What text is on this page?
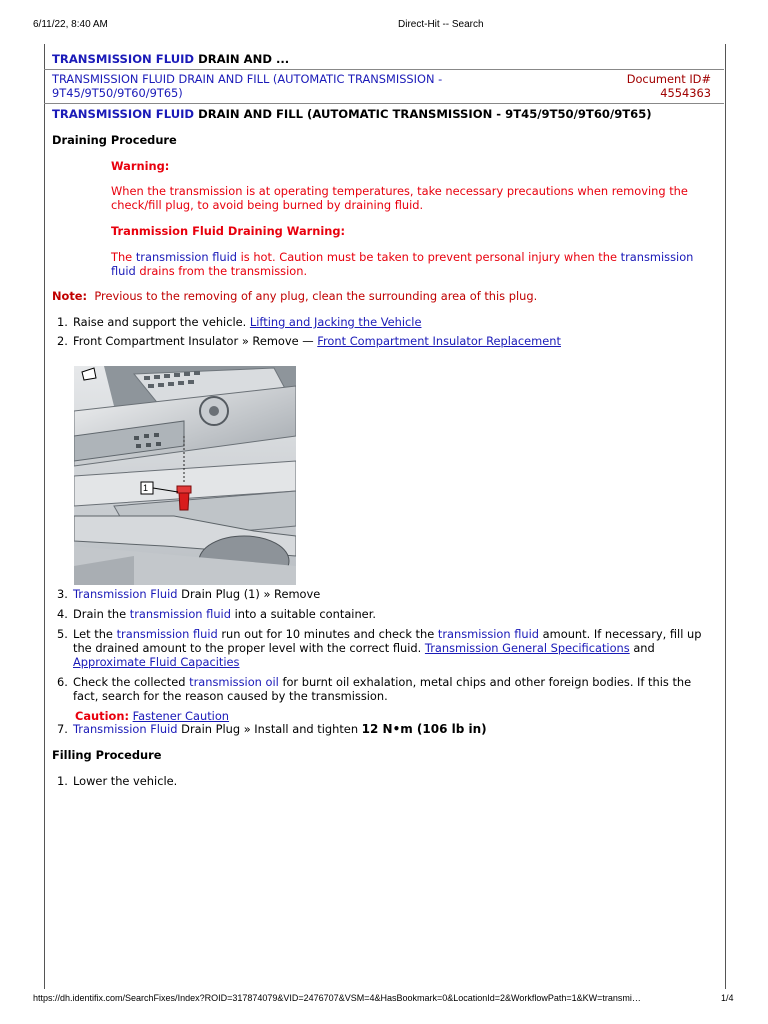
6/11/22, 8:40 AM	Direct-Hit -- Search
TRANSMISSION FLUID DRAIN AND ...
TRANSMISSION FLUID DRAIN AND FILL (AUTOMATIC TRANSMISSION -
9T45/9T50/9T60/9T65)
Document ID#
4554363
TRANSMISSION FLUID DRAIN AND FILL (AUTOMATIC TRANSMISSION - 9T45/9T50/9T60/9T65)
Draining Procedure
Warning:
When the transmission is at operating temperatures, take necessary precautions when removing the
check/fill plug, to avoid being burned by draining fluid.
Tranmission Fluid Draining Warning:
The transmission fluid is hot. Caution must be taken to prevent personal injury when the transmission
fluid drains from the transmission.
Note: Previous to the removing of any plug, clean the surrounding area of this plug.
1. Raise and support the vehicle. Lifting and Jacking the Vehicle
2. Front Compartment Insulator » Remove — Front Compartment Insulator Replacement
1
3. Transmission Fluid Drain Plug (1) » Remove
4. Drain the transmission fluid into a suitable container.
5. Let the transmission fluid run out for 10 minutes and check the transmission fluid amount. If necessary, fill up
the drained amount to the proper level with the correct fluid. Transmission General Specifications and
Approximate Fluid Capacities
6. Check the collected transmission oil for burnt oil exhalation, metal chips and other foreign bodies. If this the
fact, search for the reason caused by the transmission.
Caution: Fastener Caution
7. Transmission Fluid Drain Plug » Install and tighten 12 N•m (106 lb in)
Filling Procedure
1. Lower the vehicle.
https://dh.identifix.com/SearchFixes/Index?ROID=317874079&VID=2476707&VSM=4&HasBookmark=0&LocationId=2&WorkflowPath=1&KW=transmi…	1/4
